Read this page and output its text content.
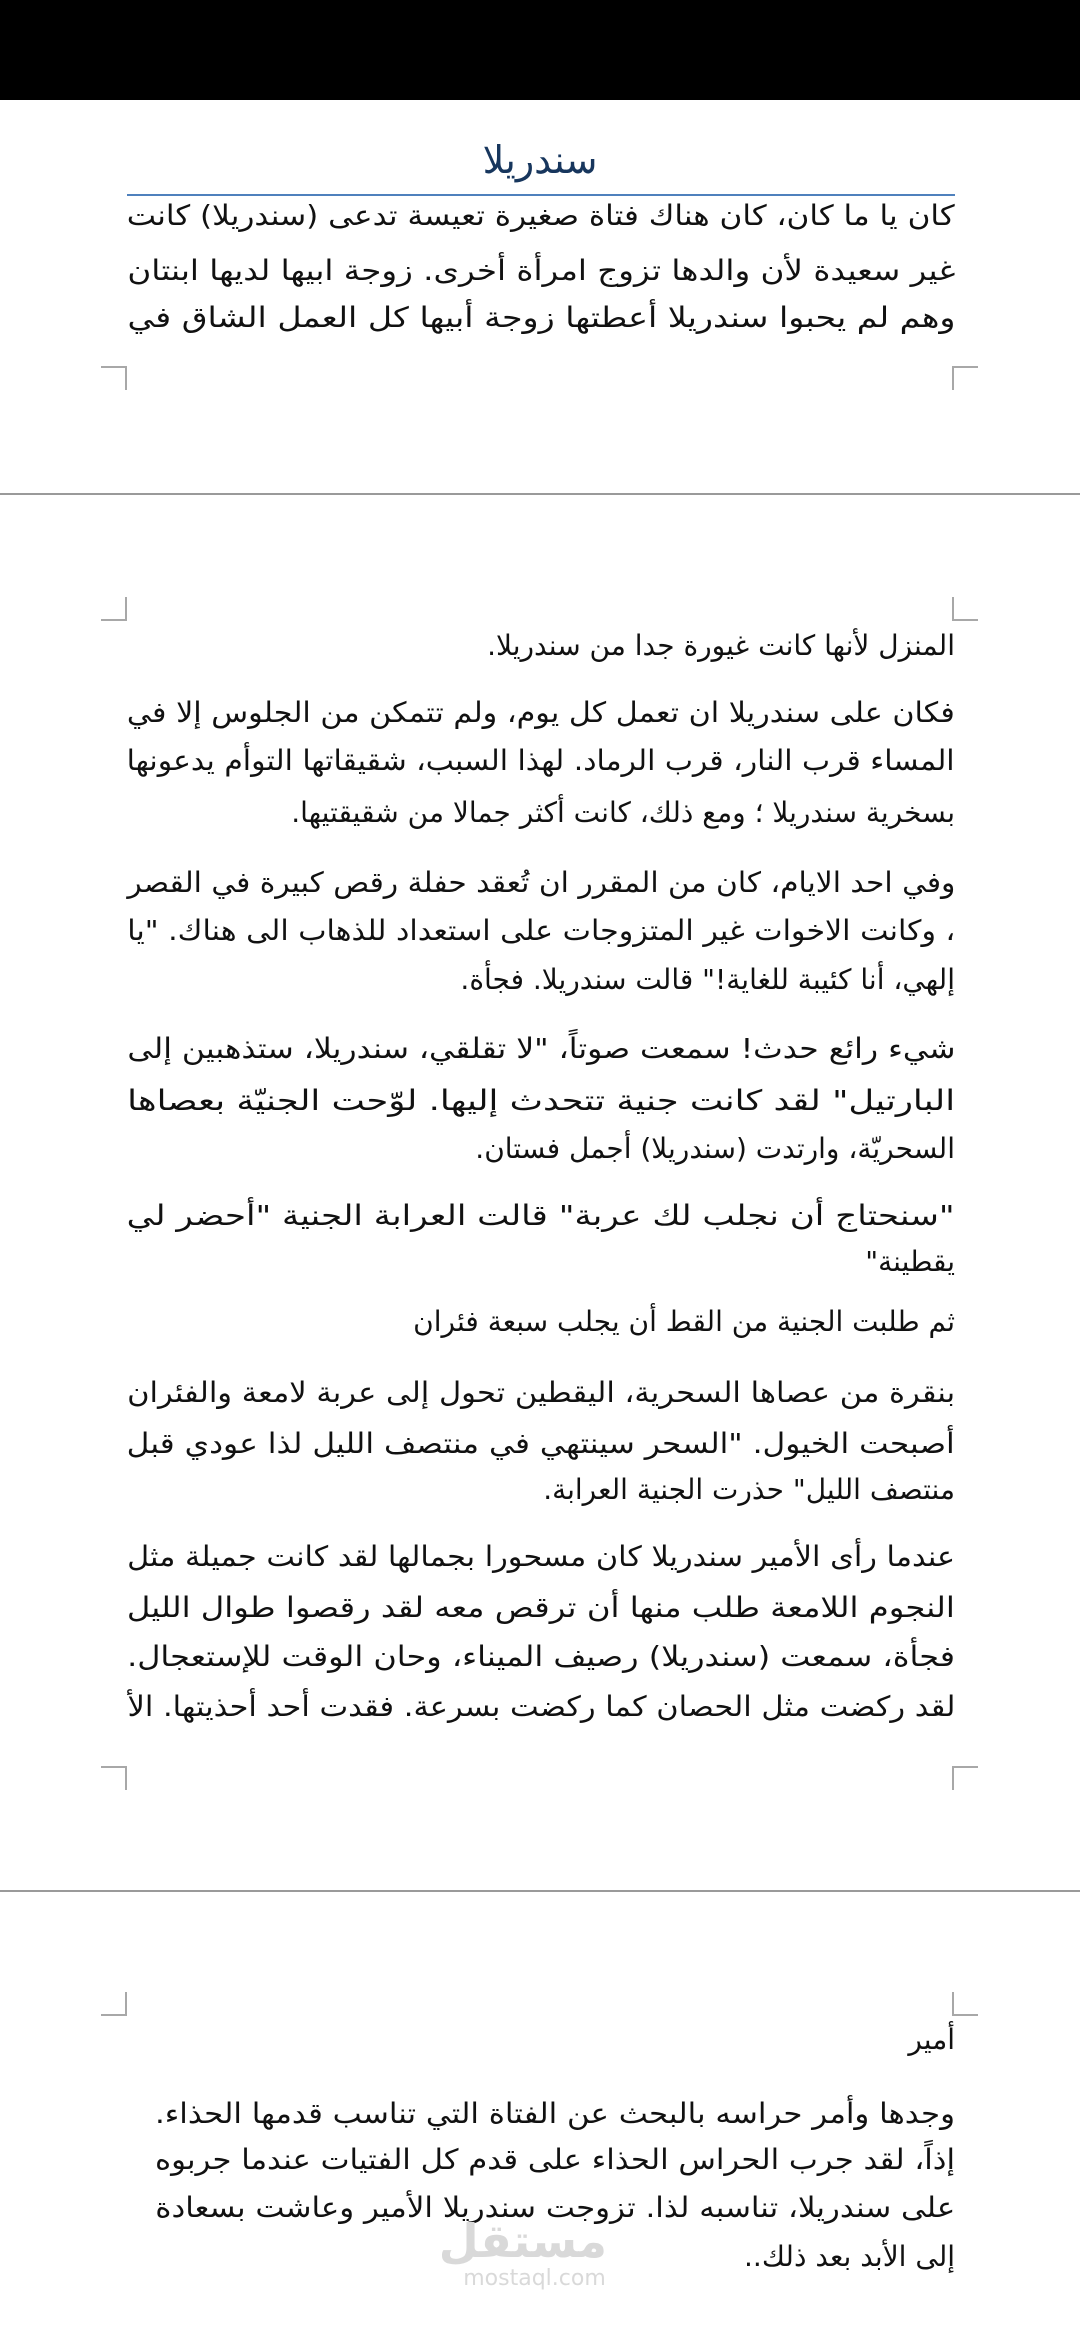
سندريلا
كان يا ما كان، كان هناك فتاة صغيرة تعيسة تدعى (سندريلا) كانت
غير سعيدة لأن والدها تزوج امرأة أخرى. زوجة ابيها لديها ابنتان
وهم لم يحبوا سندريلا أعطتها زوجة أبيها كل العمل الشاق في
المنزل لأنها كانت غيورة جدا من سندريلا.
فكان على سندريلا ان تعمل كل يوم، ولم تتمكن من الجلوس إلا في
المساء قرب النار، قرب الرماد. لهذا السبب، شقيقاتها التوأم يدعونها
بسخرية سندريلا ؛ ومع ذلك، كانت أكثر جمالا من شقيقتيها.
وفي احد الايام، كان من المقرر ان تُعقد حفلة رقص كبيرة في القصر
، وكانت الاخوات غير المتزوجات على استعداد للذهاب الى هناك. "يا
إلهي، أنا كئيبة للغاية!" قالت سندريلا. فجأة.
شيء رائع حدث! سمعت صوتاً، "لا تقلقي، سندريلا، ستذهبين إلى
البارتيل" لقد كانت جنية تتحدث إليها. لوّحت الجنيّة بعصاها
السحريّة، وارتدت (سندريلا) أجمل فستان.
"سنحتاج أن نجلب لك عربة" قالت العرابة الجنية "أحضر لي
يقطينة"
ثم طلبت الجنية من القط أن يجلب سبعة فئران
بنقرة من عصاها السحرية، اليقطين تحول إلى عربة لامعة والفئران
أصبحت الخيول. "السحر سينتهي في منتصف الليل لذا عودي قبل
منتصف الليل" حذرت الجنية العرابة.
عندما رأى الأمير سندريلا كان مسحورا بجمالها لقد كانت جميلة مثل
النجوم اللامعة طلب منها أن ترقص معه لقد رقصوا طوال الليل
فجأة، سمعت (سندريلا) رصيف الميناء، وحان الوقت للإستعجال.
لقد ركضت مثل الحصان كما ركضت بسرعة. فقدت أحد أحذيتها. الأ
أمير
وجدها وأمر حراسه بالبحث عن الفتاة التي تناسب قدمها الحذاء.
إذاً، لقد جرب الحراس الحذاء على قدم كل الفتيات عندما جربوه
على سندريلا، تناسبه لذا. تزوجت سندريلا الأمير وعاشت بسعادة
إلى الأبد بعد ذلك..
مستقل
mostaql.com
